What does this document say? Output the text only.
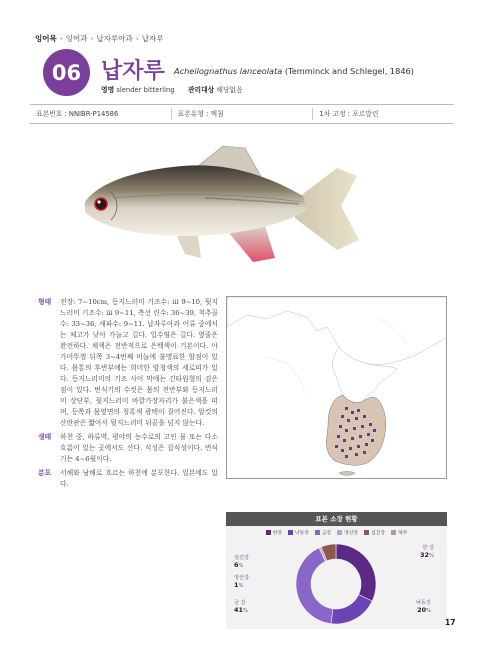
잉어목 › 잉어과 › 납자루아과 › 납자루
06 납자루 Acheilognathus lanceolata (Temminck and Schlegel, 1846)
영명 slender bitterling 관리대상 해당없음
표본번호 : NNIBR-P14586	표본유형 : 액침	1차 고정 : 포르말린
형태	전장: 7~10cm, 등지느러미 기조수: iii 9~10, 뒷지느러미 기조수: iii 9~11, 측선 린수: 36~39, 척추골수: 33~36, 새파수: 9~11. 납자루아과 어류 중에서는 체고가 낮아 가늘고 길다. 입수염은 길다. 옆줄은 완전하다. 체색은 전반적으로 은백색이 기본이다. 아가미뚜껑 뒤쪽 3~4번째 비늘에 불명료한 암점이 있다. 몸통의 후반부에는 희미한 암청색의 세로띠가 있다. 등지느러미의 기조 사이 막에는 긴타원형의 검은 점이 있다. 번식기의 수컷은 몸의 전반부와 등지느러미 상단부, 뒷지느러미 바깥가장자리가 붉은색을 띠며, 등쪽과 몸옆면의 청록색 광택이 짙어진다. 암컷의 산란관은 짧아서 뒷지느러미 뒤끝을 넘지 않는다.
생태	하천 중, 하류역, 평야의 농수로의 고인 물 또는 다소 흐름이 있는 곳에서도 산다. 식성은 잡식성이다. 번식기는 4~6월이다.
분포	서해와 남해로 흐르는 하천에 분포한다. 일본에도 있다.
표본 소장 현황
한강	낙동강	금강	영산강	섬진강	제주
섬진강
6%
영산강
1%
금 강
41%
한 강
32%
낙동강
20%
17
